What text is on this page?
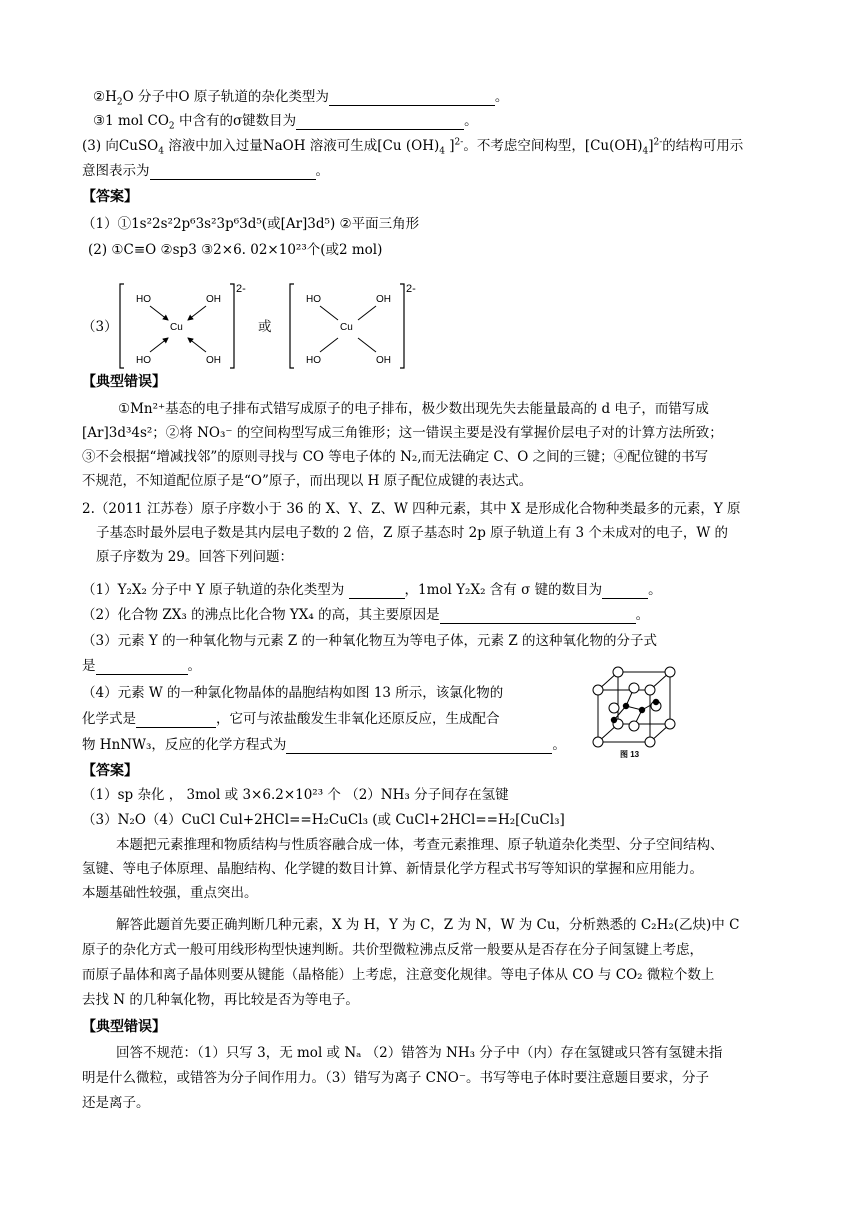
$②H_2O$ 分子中O 原子轨道的杂化类型为	。
③1 mol $CO_2$ 中含有的σ键数目为	。
(3) 向CuSO$_4$ 溶液中加入过量NaOH 溶液可生成[Cu $(OH)_4$ ]$^{2-}$。不考虑空间构型，$[Cu(OH)_4]^{2-}$的结构可用示
意图表示为	。
【答案】
（1）①1s²2s²2p⁶3s²3p⁶3d⁵(或[Ar]3d⁵) ②平面三角形
(2) ①C≡O ②sp3 ③2×6. 02×10²³个(或2 mol)
（3）
HO	OH
HO	OH
Cu
2-
或
HO	OH
HO	OH
Cu
2-
【典型错误】
①Mn²⁺基态的电子排布式错写成原子的电子排布，极少数出现先失去能量最高的 d 电子，而错写成
[Ar]3d³4s²；②将 NO₃⁻ 的空间构型写成三角锥形；这一错误主要是没有掌握价层电子对的计算方法所致；
③不会根据“增减找邻”的原则寻找与 CO 等电子体的 N₂,而无法确定 C、O 之间的三键；④配位键的书写
不规范，不知道配位原子是“O”原子，而出现以 H 原子配位成键的表达式。
2.（2011 江苏卷）原子序数小于 36 的 X、Y、Z、W 四种元素，其中 X 是形成化合物种类最多的元素，Y 原
子基态时最外层电子数是其内层电子数的 2 倍，Z 原子基态时 2p 原子轨道上有 3 个未成对的电子，W 的
原子序数为 29。回答下列问题：
（1）Y₂X₂ 分子中 Y 原子轨道的杂化类型为	，1mol Y₂X₂ 含有 σ 键的数目为	。
（2）化合物 ZX₃ 的沸点比化合物 YX₄ 的高，其主要原因是	。
（3）元素 Y 的一种氧化物与元素 Z 的一种氧化物互为等电子体，元素 Z 的这种氧化物的分子式
是	。
（4）元素 W 的一种氯化物晶体的晶胞结构如图 13 所示，该氯化物的
化学式是	，它可与浓盐酸发生非氧化还原反应，生成配合
物 HnNW₃，反应的化学方程式为	。
图 13
【答案】
（1）sp 杂化 ， 3mol 或 3×6.2×10²³ 个 （2）NH₃ 分子间存在氢键
（3）N₂O（4）CuCl Cul+2HCl==H₂CuCl₃ (或 CuCl+2HCl==H₂[CuCl₃]
本题把元素推理和物质结构与性质容融合成一体，考查元素推理、原子轨道杂化类型、分子空间结构、
氢键、等电子体原理、晶胞结构、化学键的数目计算、新情景化学方程式书写等知识的掌握和应用能力。
本题基础性较强，重点突出。
解答此题首先要正确判断几种元素，X 为 H，Y 为 C，Z 为 N，W 为 Cu，分析熟悉的 C₂H₂(乙炔)中 C
原子的杂化方式一般可用线形构型快速判断。共价型微粒沸点反常一般要从是否存在分子间氢键上考虑，
而原子晶体和离子晶体则要从键能（晶格能）上考虑，注意变化规律。等电子体从 CO 与 CO₂ 微粒个数上
去找 N 的几种氧化物，再比较是否为等电子。
【典型错误】
回答不规范：（1）只写 3，无 mol 或 Nₐ （2）错答为 NH₃ 分子中（内）存在氢键或只答有氢键未指
明是什么微粒，或错答为分子间作用力。（3）错写为离子 CNO⁻。书写等电子体时要注意题目要求，分子
还是离子。
